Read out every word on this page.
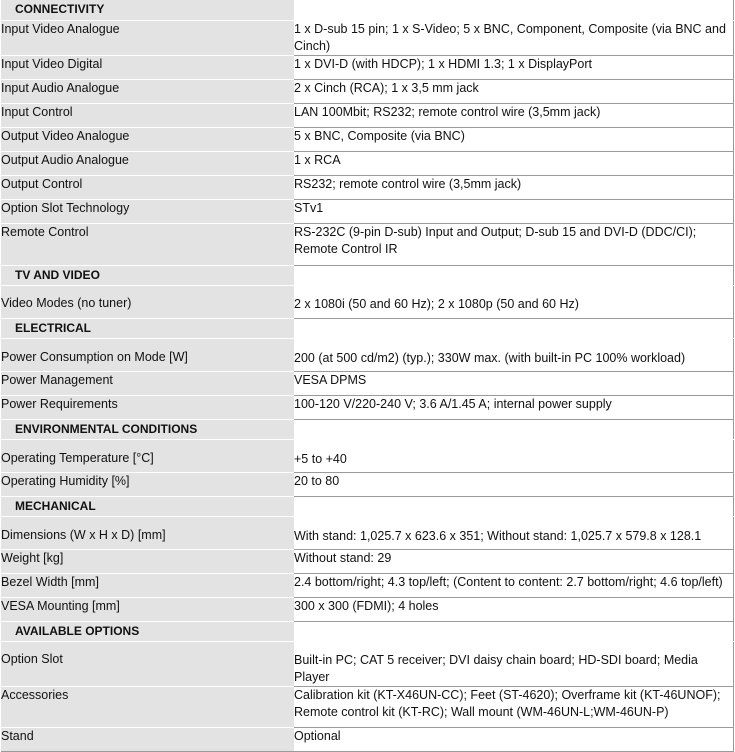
CONNECTIVITY	
Input Video Analogue	1 x D-sub 15 pin; 1 x S-Video; 5 x BNC, Component, Composite (via BNC and Cinch)
Input Video Digital	1 x DVI-D (with HDCP); 1 x HDMI 1.3; 1 x DisplayPort
Input Audio Analogue	2 x Cinch (RCA); 1 x 3,5 mm jack
Input Control	LAN 100Mbit; RS232; remote control wire (3,5mm jack)
Output Video Analogue	5 x BNC, Composite (via BNC)
Output Audio Analogue	1 x RCA
Output Control	RS232; remote control wire (3,5mm jack)
Option Slot Technology	STv1
Remote Control	RS-232C (9-pin D-sub) Input and Output; D-sub 15 and DVI-D (DDC/CI); Remote Control IR
TV AND VIDEO	
Video Modes (no tuner)	2 x 1080i (50 and 60 Hz); 2 x 1080p (50 and 60 Hz)
ELECTRICAL	
Power Consumption on Mode [W]	200 (at 500 cd/m2) (typ.); 330W max. (with built-in PC 100% workload)
Power Management	VESA DPMS
Power Requirements	100-120 V/220-240 V; 3.6 A/1.45 A; internal power supply
ENVIRONMENTAL CONDITIONS	
Operating Temperature [°C]	+5 to +40
Operating Humidity [%]	20 to 80
MECHANICAL	
Dimensions (W x H x D) [mm]	With stand: 1,025.7 x 623.6 x 351; Without stand: 1,025.7 x 579.8 x 128.1
Weight [kg]	Without stand: 29
Bezel Width [mm]	2.4 bottom/right; 4.3 top/left; (Content to content: 2.7 bottom/right; 4.6 top/left)
VESA Mounting [mm]	300 x 300 (FDMI); 4 holes
AVAILABLE OPTIONS	
Option Slot	Built-in PC; CAT 5 receiver; DVI daisy chain board; HD-SDI board; Media Player
Accessories	Calibration kit (KT-X46UN-CC); Feet (ST-4620); Overframe kit (KT-46UNOF); Remote control kit (KT-RC); Wall mount (WM-46UN-L;WM-46UN-P)
Stand	Optional
